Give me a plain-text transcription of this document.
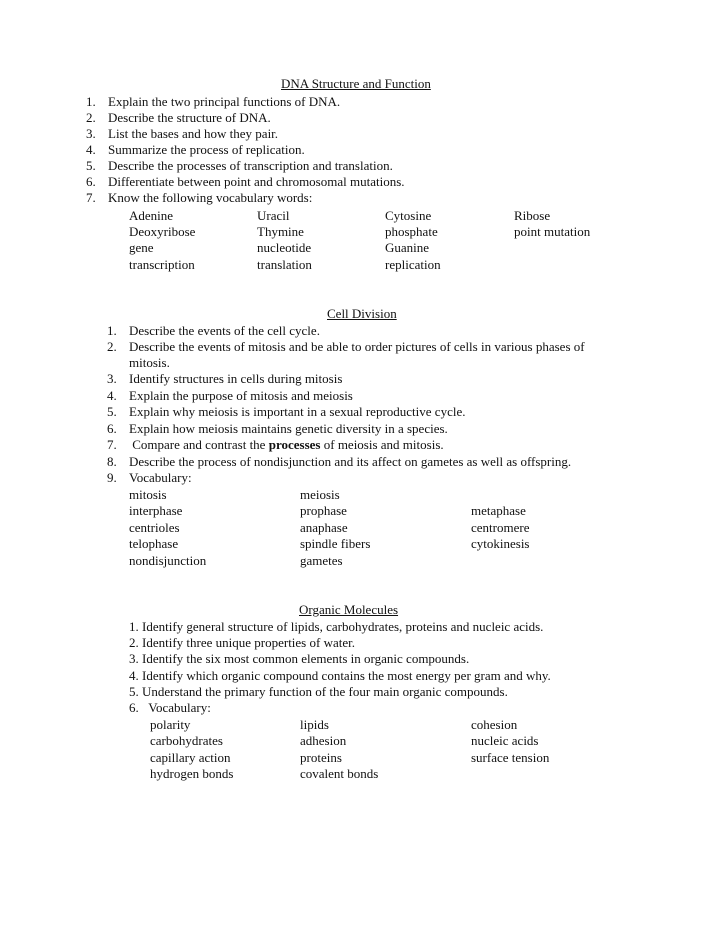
DNA Structure and Function
1. Explain the two principal functions of DNA.
2. Describe the structure of DNA.
3. List the bases and how they pair.
4. Summarize the process of replication.
5. Describe the processes of transcription and translation.
6. Differentiate between point and chromosomal mutations.
7. Know the following vocabulary words:
Adenine	Uracil	Cytosine	Ribose
Deoxyribose	Thymine	phosphate	point mutation
gene	nucleotide	Guanine
transcription	translation	replication
Cell Division
1. Describe the events of the cell cycle.
2. Describe the events of mitosis and be able to order pictures of cells in various phases of
mitosis.
3. Identify structures in cells during mitosis
4. Explain the purpose of mitosis and meiosis
5. Explain why meiosis is important in a sexual reproductive cycle.
6. Explain how meiosis maintains genetic diversity in a species.
7. Compare and contrast the processes of meiosis and mitosis.
8. Describe the process of nondisjunction and its affect on gametes as well as offspring.
9. Vocabulary:
mitosis	meiosis
interphase	prophase	metaphase
centrioles	anaphase	centromere
telophase	spindle fibers	cytokinesis
nondisjunction	gametes
Organic Molecules
1. Identify general structure of lipids, carbohydrates, proteins and nucleic acids.
2. Identify three unique properties of water.
3. Identify the six most common elements in organic compounds.
4. Identify which organic compound contains the most energy per gram and why.
5. Understand the primary function of the four main organic compounds.
6.   Vocabulary:
polarity	lipids	cohesion
carbohydrates	adhesion	nucleic acids
capillary action	proteins	surface tension
hydrogen bonds	covalent bonds
